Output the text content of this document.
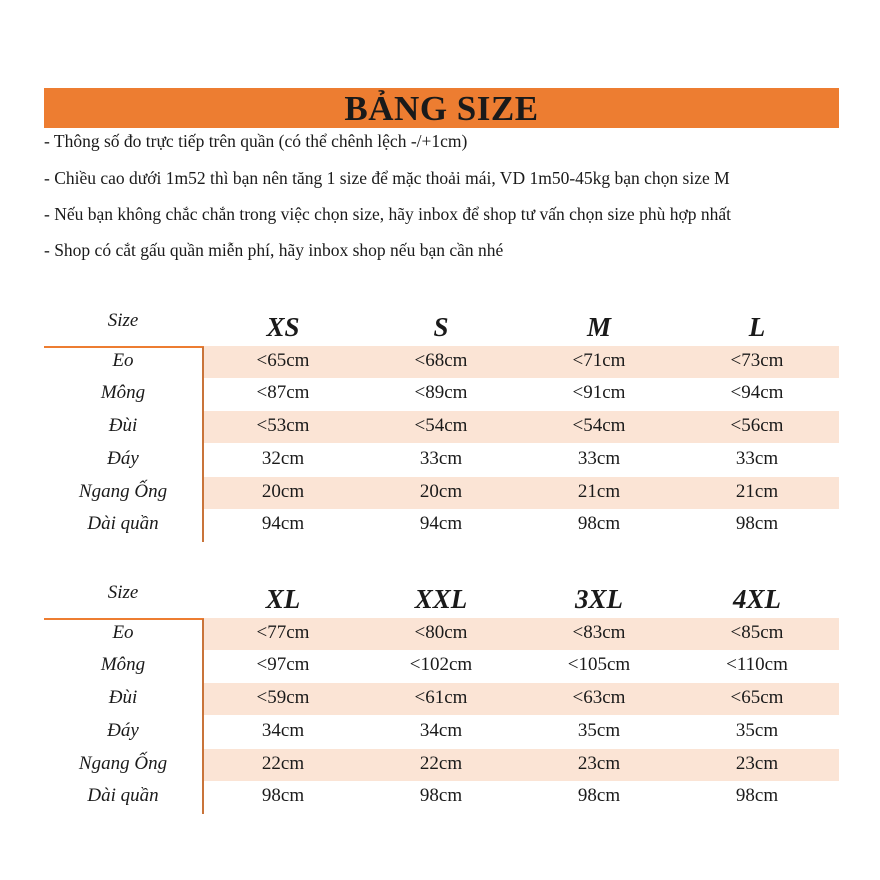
BẢNG SIZE
- Thông số đo trực tiếp trên quần (có thể chênh lệch -/+1cm)
- Chiều cao dưới 1m52 thì bạn nên tăng 1 size để mặc thoải mái, VD 1m50-45kg bạn chọn size M
- Nếu bạn không chắc chắn trong việc chọn size, hãy inbox để shop tư vấn chọn size phù hợp nhất
- Shop có cắt gấu quần miễn phí, hãy inbox shop nếu bạn cần nhé
Size	XS	S	M	L
Eo	<65cm	<68cm	<71cm	<73cm
Mông	<87cm	<89cm	<91cm	<94cm
Đùi	<53cm	<54cm	<54cm	<56cm
Đáy	32cm	33cm	33cm	33cm
Ngang Ống	20cm	20cm	21cm	21cm
Dài quần	94cm	94cm	98cm	98cm
Size	XL	XXL	3XL	4XL
Eo	<77cm	<80cm	<83cm	<85cm
Mông	<97cm	<102cm	<105cm	<110cm
Đùi	<59cm	<61cm	<63cm	<65cm
Đáy	34cm	34cm	35cm	35cm
Ngang Ống	22cm	22cm	23cm	23cm
Dài quần	98cm	98cm	98cm	98cm
